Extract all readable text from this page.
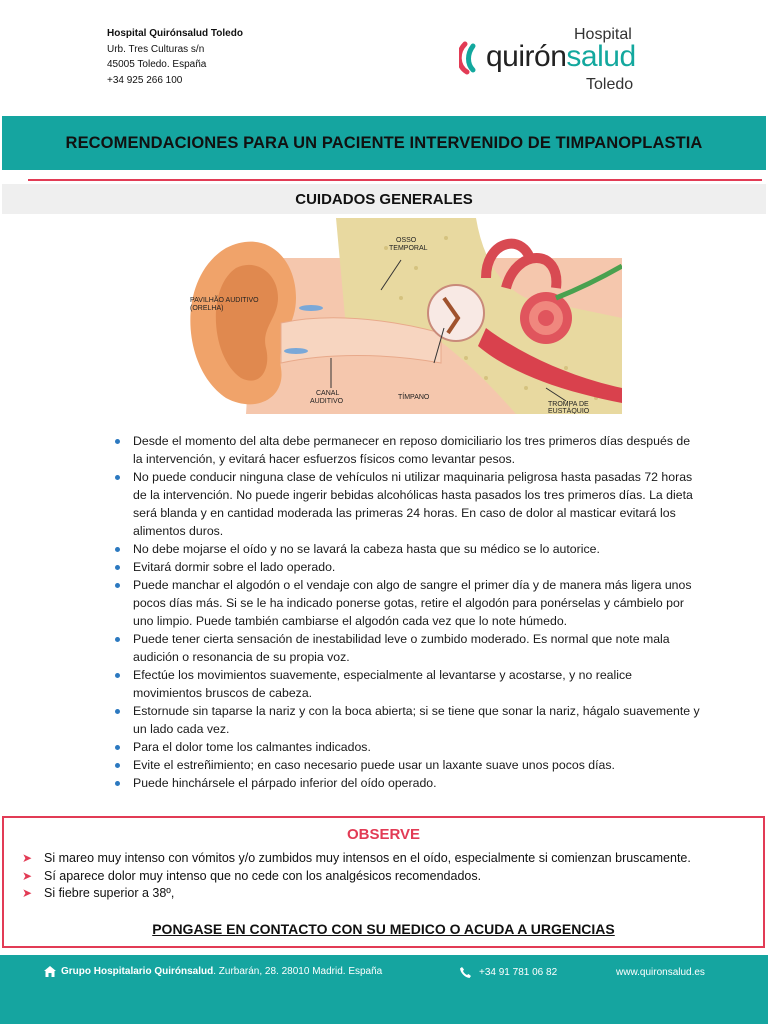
Hospital Quirónsalud Toledo
Urb. Tres Culturas s/n
45005 Toledo. España
+34 925 266 100
Hospital
quirónsalud
Toledo
RECOMENDACIONES PARA UN PACIENTE INTERVENIDO DE TIMPANOPLASTIA
CUIDADOS GENERALES
OSSO
TEMPORAL
PAVILHÃO AUDITIVO
(ORELHA)
CANAL
AUDITIVO
TÍMPANO
TROMPA DE
EUSTÁQUIO
Desde el momento del alta debe permanecer en reposo domiciliario los tres primeros días después de la intervención, y evitará hacer esfuerzos físicos como levantar pesos.
No puede conducir ninguna clase de vehículos ni utilizar maquinaria peligrosa hasta pasadas 72 horas de la intervención. No puede ingerir bebidas alcohólicas hasta pasados los tres primeros días. La dieta será blanda y en cantidad moderada las primeras 24 horas. En caso de dolor al masticar evitará los alimentos duros.
No debe mojarse el oído y no se lavará la cabeza hasta que su médico se lo autorice.
Evitará dormir sobre el lado operado.
Puede manchar el algodón o el vendaje con algo de sangre el primer día y de manera más ligera unos pocos días más. Si se le ha indicado ponerse gotas, retire el algodón para ponérselas y cámbielo por uno limpio. Puede también cambiarse el algodón cada vez que lo note húmedo.
Puede tener cierta sensación de inestabilidad leve o zumbido moderado. Es normal que note mala audición o resonancia de su propia voz.
Efectúe los movimientos suavemente, especialmente al levantarse y acostarse, y no realice movimientos bruscos de cabeza.
Estornude sin taparse la nariz y con la boca abierta; si se tiene que sonar la nariz, hágalo suavemente y un lado cada vez.
Para el dolor tome los calmantes indicados.
Evite el estreñimiento; en caso necesario puede usar un laxante suave unos pocos días.
Puede hinchársele el párpado inferior del oído operado.
OBSERVE
➤ Si mareo muy intenso con vómitos y/o zumbidos muy intensos en el oído, especialmente si comienzan bruscamente.
➤ Sí aparece dolor muy intenso que no cede con los analgésicos recomendados.
➤ Si fiebre superior a 38º,
PONGASE EN CONTACTO CON SU MEDICO O ACUDA A URGENCIAS
Grupo Hospitalario Quirónsalud . Zurbarán, 28. 28010 Madrid. España	+34 91 781 06 82	www.quironsalud.es
